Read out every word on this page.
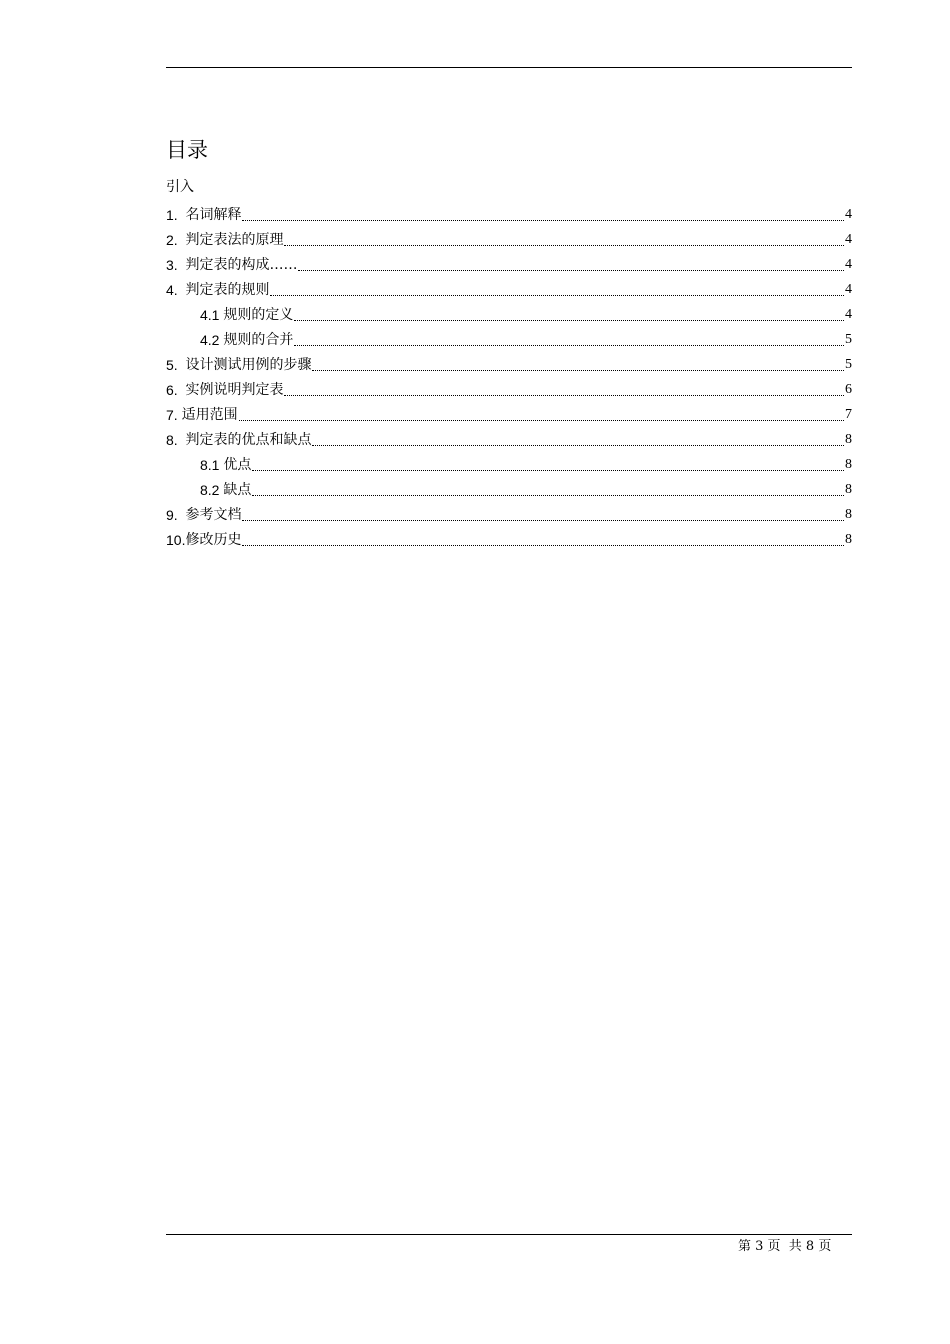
目录
引入
1. 名词解释	4
2. 判定表法的原理	4
3. 判定表的构成……	4
4. 判定表的规则	4
4.1 规则的定义	4
4.2 规则的合并	5
5. 设计测试用例的步骤	5
6. 实例说明判定表	6
7. 适用范围	7
8. 判定表的优点和缺点	8
8.1 优点	8
8.2 缺点	8
9. 参考文档	8
10. 修改历史	8
第 3 页  共 8 页
